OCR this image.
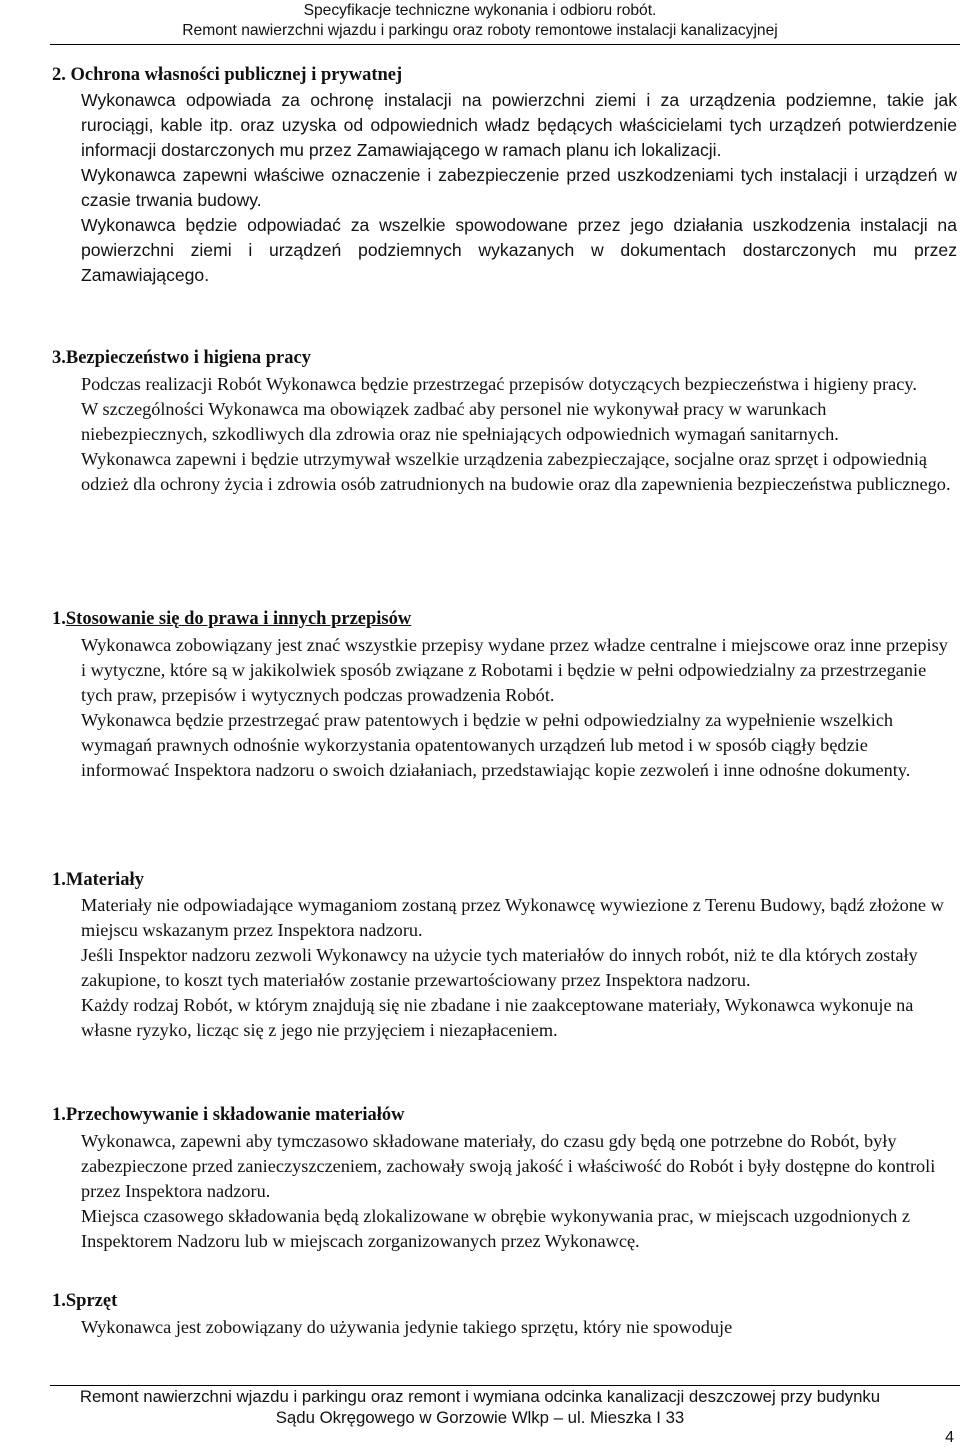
Specyfikacje techniczne wykonania i odbioru robót.
Remont nawierzchni wjazdu i parkingu oraz roboty remontowe instalacji kanalizacyjnej
2. Ochrona własności publicznej i prywatnej

Wykonawca odpowiada za ochronę instalacji na powierzchni ziemi i za urządzenia podziemne, takie jak rurociągi, kable itp. oraz uzyska od odpowiednich władz będących właścicielami tych urządzeń potwierdzenie informacji dostarczonych mu przez Zamawiającego w ramach planu ich lokalizacji.

Wykonawca zapewni właściwe oznaczenie i zabezpieczenie przed uszkodzeniami tych instalacji i urządzeń w czasie trwania budowy.

Wykonawca będzie odpowiadać za wszelkie spowodowane przez jego działania uszkodzenia instalacji na powierzchni ziemi i urządzeń podziemnych wykazanych w dokumentach dostarczonych mu przez Zamawiającego.

3.Bezpieczeństwo i higiena pracy

Podczas realizacji Robót Wykonawca będzie przestrzegać przepisów dotyczących bezpieczeństwa i higieny pracy.

W szczególności Wykonawca ma obowiązek zadbać aby personel nie wykonywał pracy w warunkach niebezpiecznych, szkodliwych dla zdrowia oraz nie spełniających odpowiednich wymagań sanitarnych.

Wykonawca zapewni i będzie utrzymywał wszelkie urządzenia zabezpieczające, socjalne oraz sprzęt i odpowiednią odzież dla ochrony życia i zdrowia osób zatrudnionych na budowie oraz dla zapewnienia bezpieczeństwa publicznego.

1.Stosowanie się do prawa i innych przepisów

Wykonawca zobowiązany jest znać wszystkie przepisy wydane przez władze centralne i miejscowe oraz inne przepisy i wytyczne, które są w jakikolwiek sposób związane z Robotami i będzie w pełni odpowiedzialny za przestrzeganie tych praw, przepisów i wytycznych podczas prowadzenia Robót.

Wykonawca będzie przestrzegać praw patentowych i będzie w pełni odpowiedzialny za wypełnienie wszelkich wymagań prawnych odnośnie wykorzystania opatentowanych urządzeń lub metod i w sposób ciągły będzie informować Inspektora nadzoru o swoich działaniach, przedstawiając kopie zezwoleń i inne odnośne dokumenty.

1.Materiały

Materiały nie odpowiadające wymaganiom zostaną przez Wykonawcę wywiezione z Terenu Budowy, bądź złożone w miejscu wskazanym przez Inspektora nadzoru.

Jeśli Inspektor nadzoru zezwoli Wykonawcy na użycie tych materiałów do innych robót, niż te dla których zostały zakupione, to koszt tych materiałów zostanie przewartościowany przez Inspektora nadzoru.

Każdy rodzaj Robót, w którym znajdują się nie zbadane i nie zaakceptowane materiały, Wykonawca wykonuje na własne ryzyko, licząc się z jego nie przyjęciem i niezapłaceniem.

1.Przechowywanie i składowanie materiałów

Wykonawca, zapewni aby tymczasowo składowane materiały, do czasu gdy będą one potrzebne do Robót, były zabezpieczone przed zanieczyszczeniem, zachowały swoją jakość i właściwość do Robót i były dostępne do kontroli przez Inspektora nadzoru.

Miejsca czasowego składowania będą zlokalizowane w obrębie wykonywania prac, w miejscach uzgodnionych z Inspektorem Nadzoru lub w miejscach zorganizowanych przez Wykonawcę.

1.Sprzęt

Wykonawca jest zobowiązany do używania jedynie takiego sprzętu, który nie spowoduje

Remont nawierzchni wjazdu i parkingu oraz remont i wymiana odcinka kanalizacji deszczowej przy budynku
Sądu Okręgowego w Gorzowie Wlkp – ul. Mieszka I 33
4
